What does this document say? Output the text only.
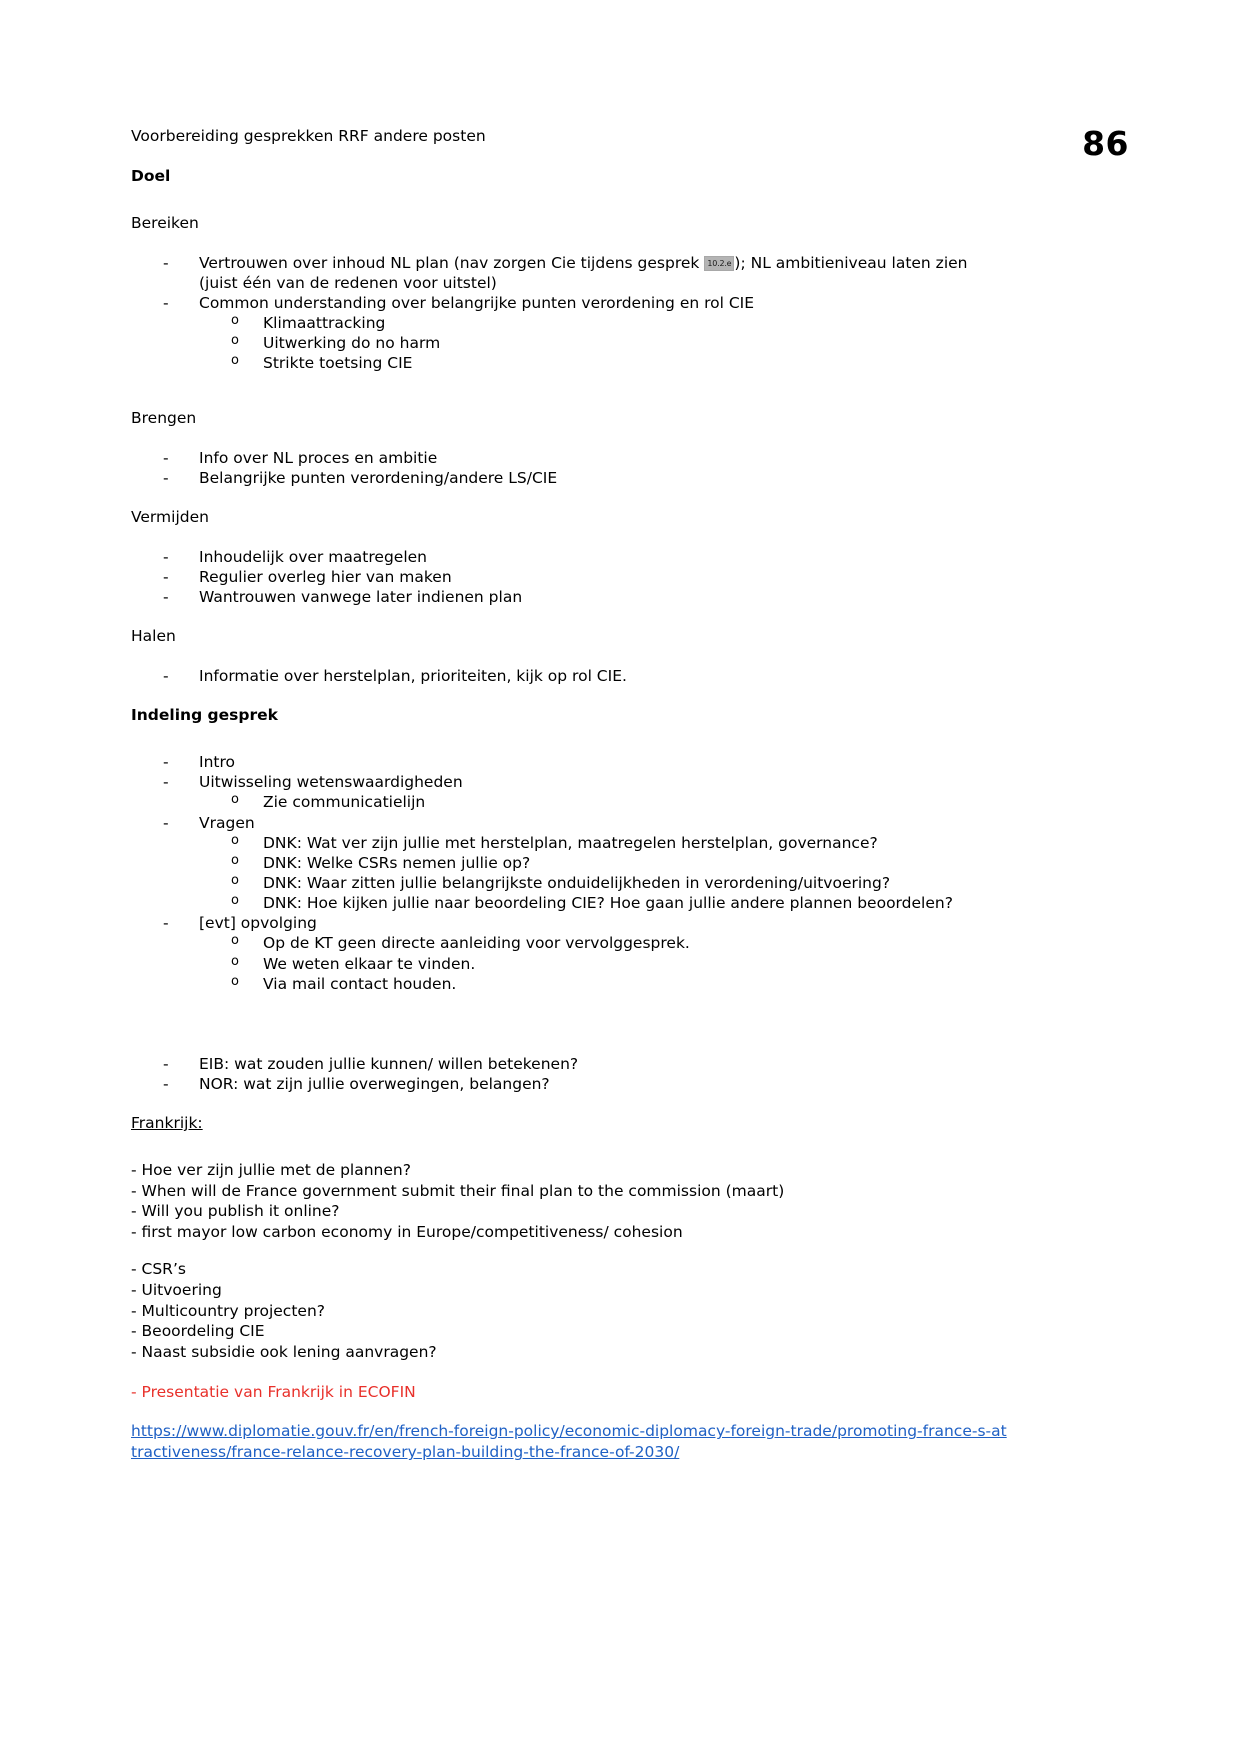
86

Voorbereiding gesprekken RRF andere posten

Doel

Bereiken

- Vertrouwen over inhoud NL plan (nav zorgen Cie tijdens gesprek 10.2.e ); NL ambitieniveau laten zien
(juist één van de redenen voor uitstel)
- Common understanding over belangrijke punten verordening en rol CIE
o Klimaattracking
o Uitwerking do no harm
o Strikte toetsing CIE

Brengen

- Info over NL proces en ambitie
- Belangrijke punten verordening/andere LS/CIE

Vermijden

- Inhoudelijk over maatregelen
- Regulier overleg hier van maken
- Wantrouwen vanwege later indienen plan

Halen

- Informatie over herstelplan, prioriteiten, kijk op rol CIE.
Indeling gesprek
- Intro
- Uitwisseling wetenswaardigheden
o Zie communicatielijn
- Vragen
o DNK: Wat ver zijn jullie met herstelplan, maatregelen herstelplan, governance?
o DNK: Welke CSRs nemen jullie op?
o DNK: Waar zitten jullie belangrijkste onduidelijkheden in verordening/uitvoering?
o DNK: Hoe kijken jullie naar beoordeling CIE? Hoe gaan jullie andere plannen beoordelen?
- [evt] opvolging
o Op de KT geen directe aanleiding voor vervolggesprek.
o We weten elkaar te vinden.
o Via mail contact houden.
- EIB: wat zouden jullie kunnen/ willen betekenen?
- NOR: wat zijn jullie overwegingen, belangen?

Frankrijk:

- Hoe ver zijn jullie met de plannen?

- When will de France government submit their final plan to the commission (maart)

- Will you publish it online?

- first mayor low carbon economy in Europe/competitiveness/ cohesion

- CSR’s

- Uitvoering

- Multicountry projecten?

- Beoordeling CIE

- Naast subsidie ook lening aanvragen?

- Presentatie van Frankrijk in ECOFIN

https://www.diplomatie.gouv.fr/en/french-foreign-policy/economic-diplomacy-foreign-trade/promoting-france-s-attractiveness/france-relance-recovery-plan-building-the-france-of-2030/
